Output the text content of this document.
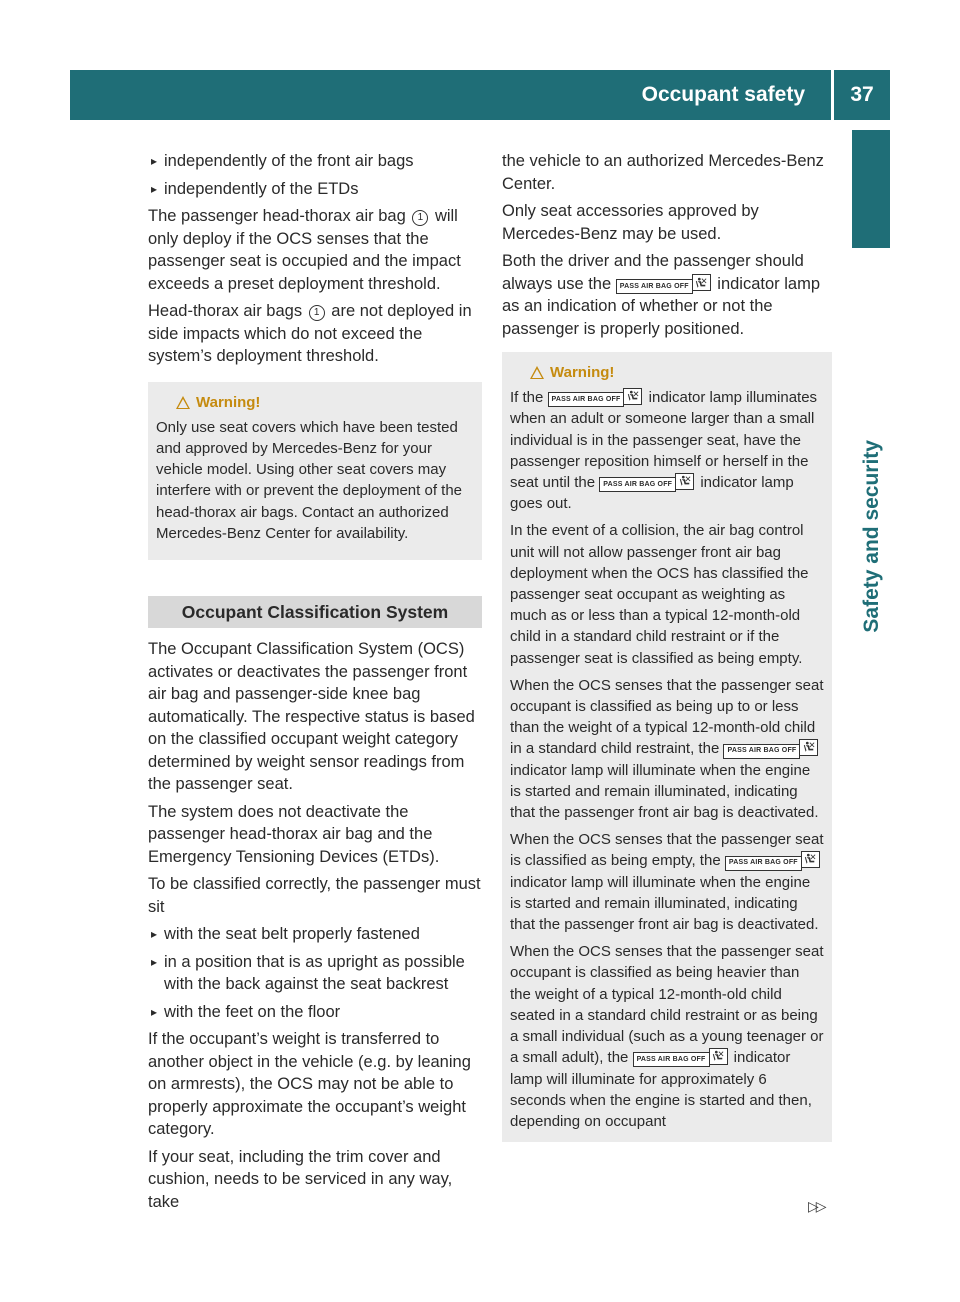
Occupant safety	37
Safety and security
▸ independently of the front air bags
▸ independently of the ETDs

The passenger head-thorax air bag 1 will only deploy if the OCS senses that the passenger seat is occupied and the impact exceeds a preset deployment threshold.

Head-thorax air bags 1 are not deployed in side impacts which do not exceed the system’s deployment threshold.

Warning!

Only use seat covers which have been tested and approved by Mercedes-Benz for your vehicle model. Using other seat covers may interfere with or prevent the deployment of the head-thorax air bags. Contact an authorized Mercedes-Benz Center for availability.

Occupant Classification System

The Occupant Classification System (OCS) activates or deactivates the passenger front air bag and passenger-side knee bag automatically. The respective status is based on the classified occupant weight category determined by weight sensor readings from the passenger seat.

The system does not deactivate the passenger head-thorax air bag and the Emergency Tensioning Devices (ETDs).

To be classified correctly, the passenger must sit

▸ with the seat belt properly fastened
▸ in a position that is as upright as possible with the back against the seat backrest
▸ with the feet on the floor

If the occupant’s weight is transferred to another object in the vehicle (e.g. by leaning on armrests), the OCS may not be able to properly approximate the occupant’s weight category.

If your seat, including the trim cover and cushion, needs to be serviced in any way, take

the vehicle to an authorized Mercedes-Benz Center.

Only seat accessories approved by Mercedes-Benz may be used.

Both the driver and the passenger should always use the PASS AIR BAG OFF indicator lamp as an indication of whether or not the passenger is properly positioned.

Warning!

If the PASS AIR BAG OFF indicator lamp illuminates when an adult or someone larger than a small individual is in the passenger seat, have the passenger reposition himself or herself in the seat until the PASS AIR BAG OFF indicator lamp goes out.

In the event of a collision, the air bag control unit will not allow passenger front air bag deployment when the OCS has classified the passenger seat occupant as weighting as much as or less than a typical 12-month-old child in a standard child restraint or if the passenger seat is classified as being empty.

When the OCS senses that the passenger seat occupant is classified as being up to or less than the weight of a typical 12-month-old child in a standard child restraint, the PASS AIR BAG OFF
indicator lamp will illuminate when the engine is started and remain illuminated, indicating that the passenger front air bag is deactivated.

When the OCS senses that the passenger seat is classified as being empty, the PASS AIR BAG OFF
indicator lamp will illuminate when the engine is started and remain illuminated, indicating that the passenger front air bag is deactivated.

When the OCS senses that the passenger seat occupant is classified as being heavier than the weight of a typical 12-month-old child seated in a standard child restraint or as being a small individual (such as a young teenager or a small adult), the PASS AIR BAG OFF indicator lamp will illuminate for approximately 6 seconds when the engine is started and then, depending on occupant

▷▷
